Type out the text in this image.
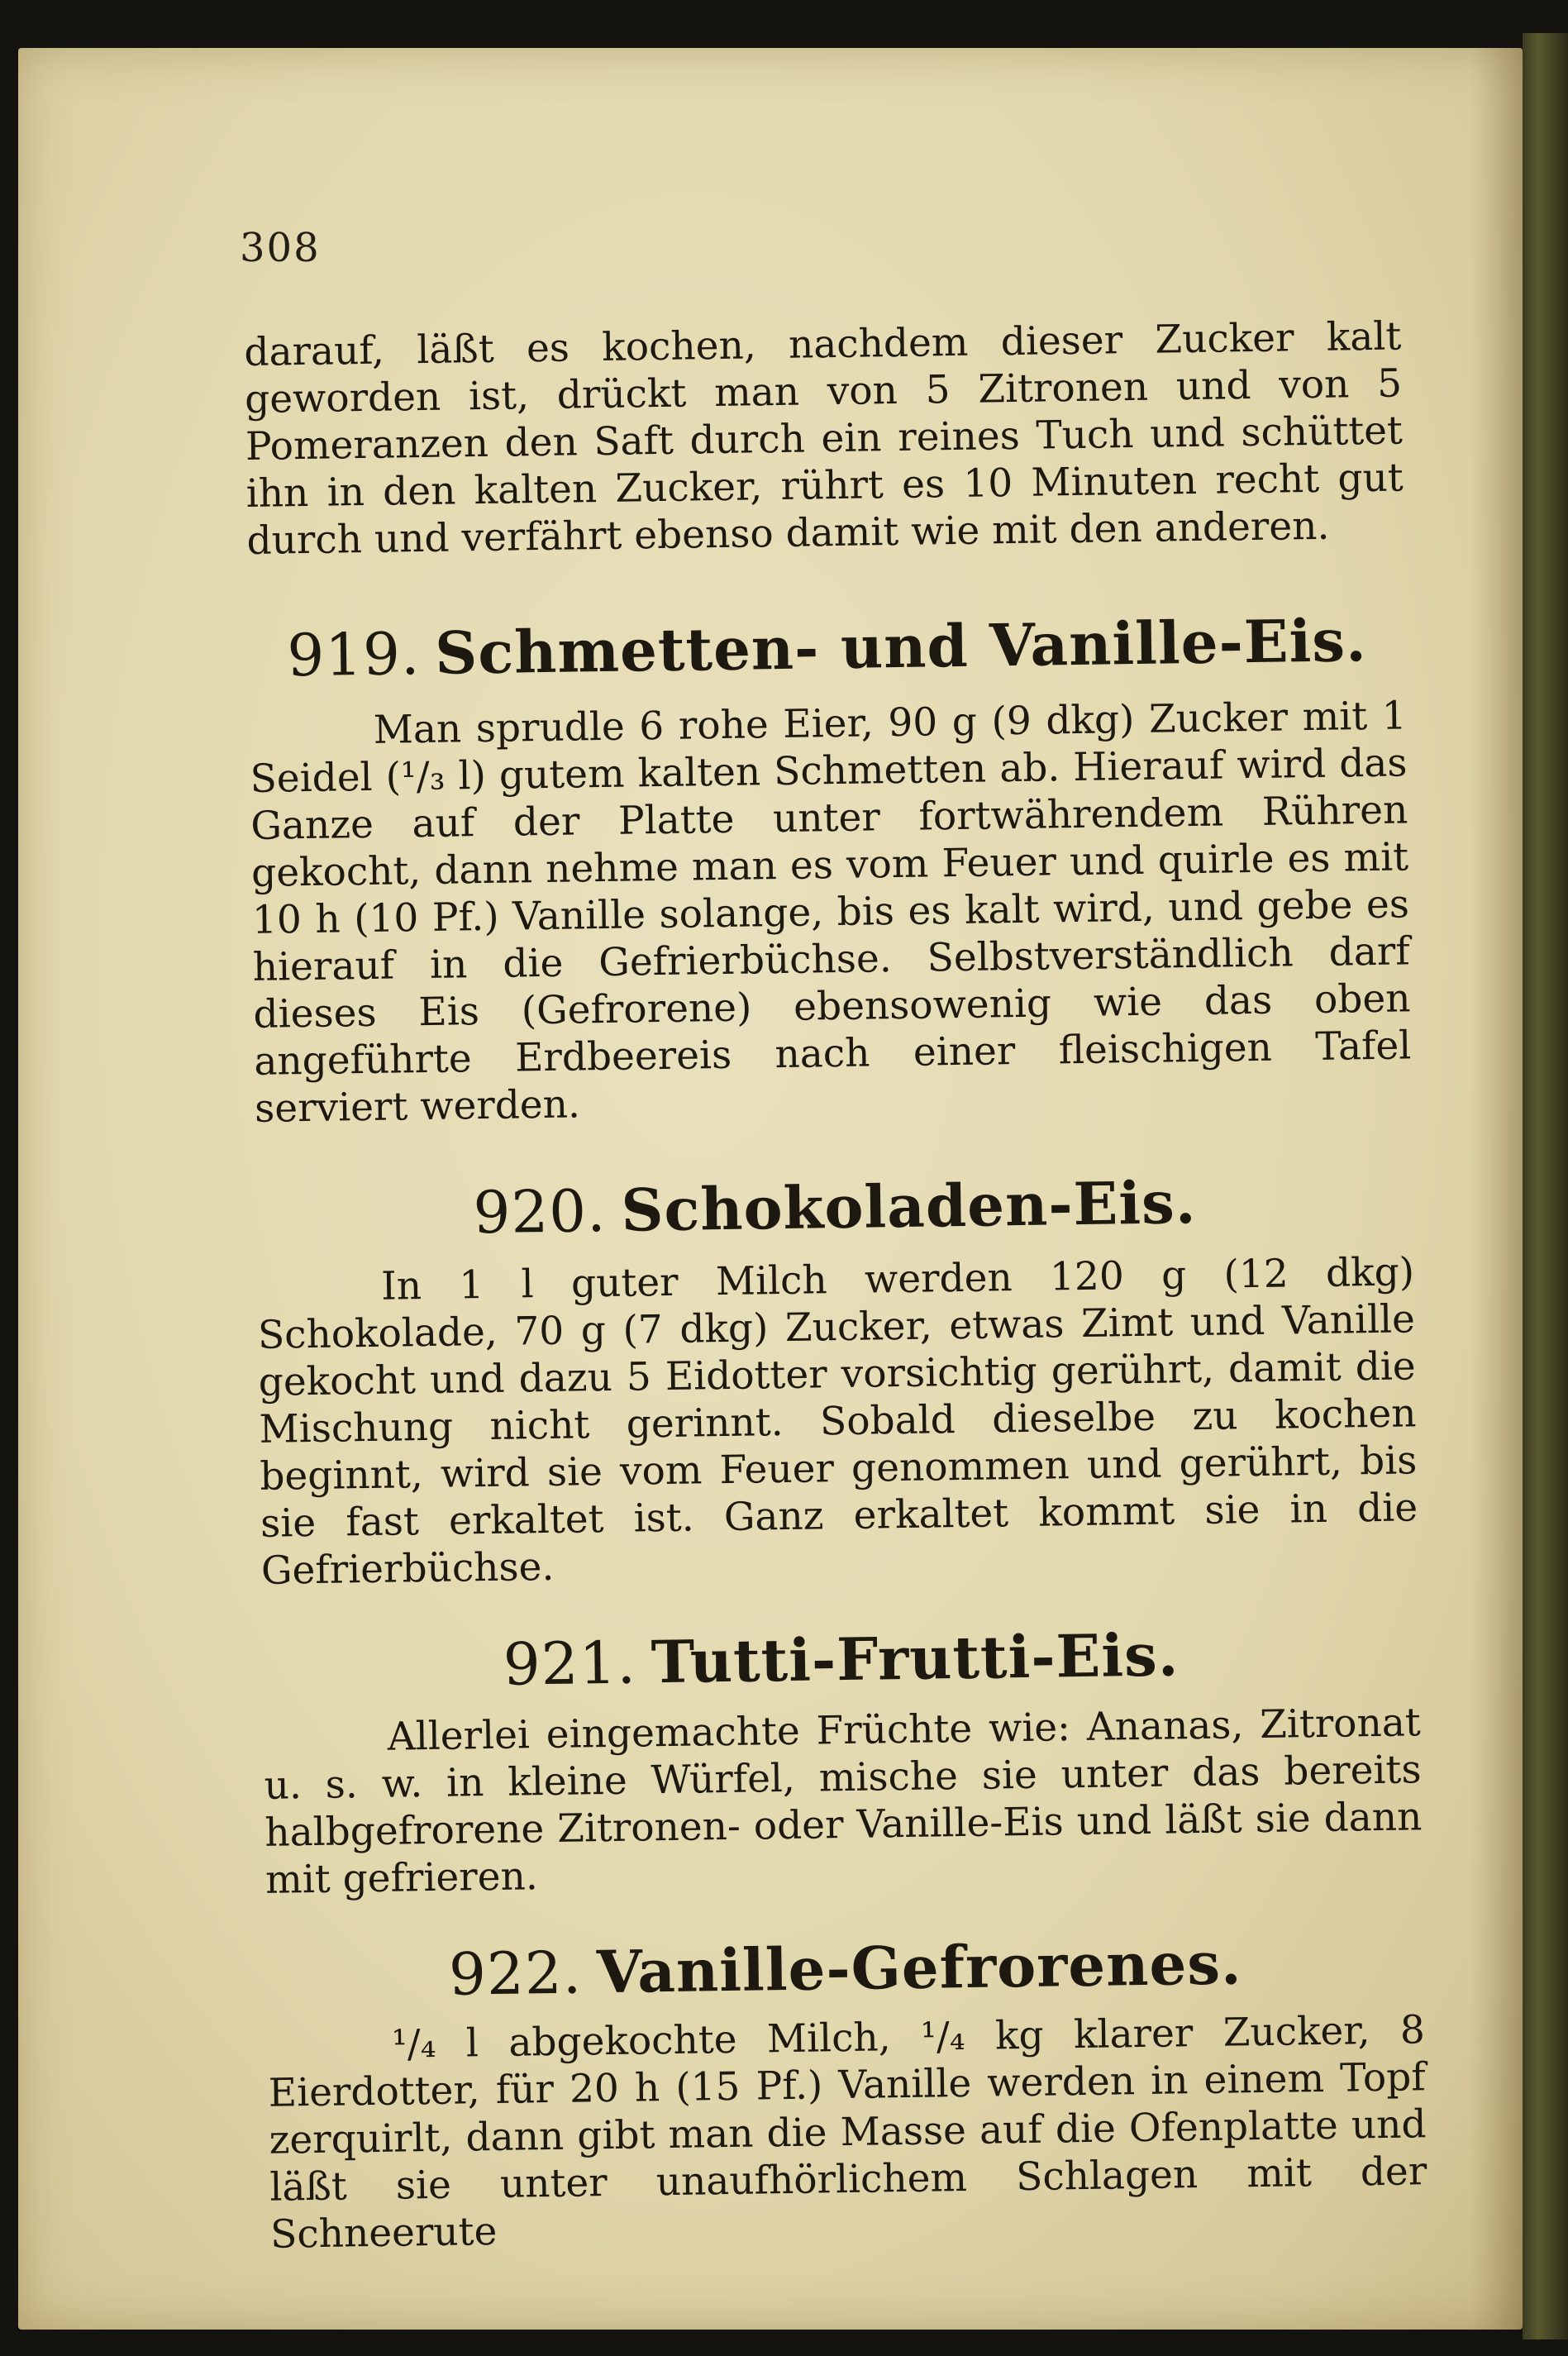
308

darauf, läßt es kochen, nachdem dieser Zucker kalt geworden ist, drückt man von 5 Zitronen und von 5 Pomeranzen den Saft durch ein reines Tuch und schüttet ihn in den kalten Zucker, rührt es 10 Minuten recht gut durch und verfährt ebenso damit wie mit den anderen.

919. Schmetten- und Vanille-Eis.

Man sprudle 6 rohe Eier, 90 g (9 dkg) Zucker mit 1 Seidel (¹/₃ l) gutem kalten Schmetten ab. Hierauf wird das Ganze auf der Platte unter fortwährendem Rühren gekocht, dann nehme man es vom Feuer und quirle es mit 10 h (10 Pf.) Vanille solange, bis es kalt wird, und gebe es hierauf in die Gefrierbüchse. Selbstverständlich darf dieses Eis (Gefrorene) ebensowenig wie das oben angeführte Erdbeereis nach einer fleischigen Tafel serviert werden.

920. Schokoladen-Eis.

In 1 l guter Milch werden 120 g (12 dkg) Schokolade, 70 g (7 dkg) Zucker, etwas Zimt und Vanille gekocht und dazu 5 Eidotter vorsichtig gerührt, damit die Mischung nicht gerinnt. Sobald dieselbe zu kochen beginnt, wird sie vom Feuer genommen und gerührt, bis sie fast erkaltet ist. Ganz erkaltet kommt sie in die Gefrierbüchse.

921. Tutti-Frutti-Eis.

Allerlei eingemachte Früchte wie: Ananas, Zitronat u. s. w. in kleine Würfel, mische sie unter das bereits halbgefrorene Zitronen- oder Vanille-Eis und läßt sie dann mit gefrieren.

922. Vanille-Gefrorenes.

¹/₄ l abgekochte Milch, ¹/₄ kg klarer Zucker, 8 Eierdotter, für 20 h (15 Pf.) Vanille werden in einem Topf zerquirlt, dann gibt man die Masse auf die Ofenplatte und läßt sie unter unaufhörlichem Schlagen mit der Schneerute
